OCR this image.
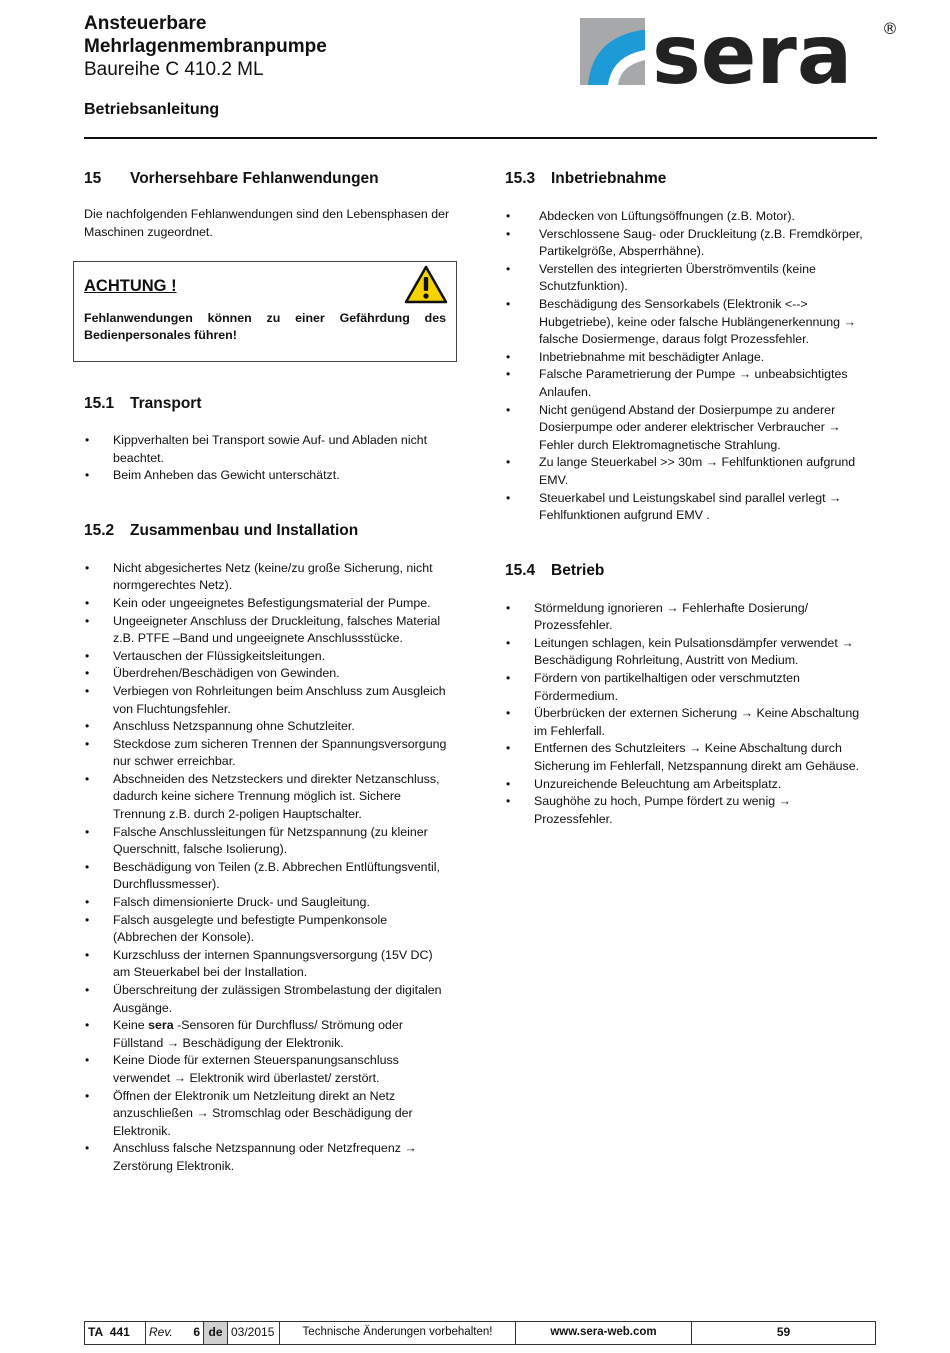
Ansteuerbare
Mehrlagenmembranpumpe
Baureihe C 410.2 ML
Betriebsanleitung
sera ®
15 Vorhersehbare Fehlanwendungen

Die nachfolgenden Fehlanwendungen sind den Lebensphasen der Maschinen zugeordnet.

ACHTUNG !

Fehlanwendungen können zu einer Gefährdung des Bedienpersonales führen!

15.1 Transport
• Kippverhalten bei Transport sowie Auf- und Abladen nicht beachtet.
• Beim Anheben das Gewicht unterschätzt.
15.2 Zusammenbau und Installation
• Nicht abgesichertes Netz (keine/zu große Sicherung, nicht normgerechtes Netz).
• Kein oder ungeeignetes Befestigungsmaterial der Pumpe.
• Ungeeigneter Anschluss der Druckleitung, falsches Material z.B. PTFE –Band und ungeeignete Anschlussstücke.
• Vertauschen der Flüssigkeitsleitungen.
• Überdrehen/Beschädigen von Gewinden.
• Verbiegen von Rohrleitungen beim Anschluss zum Ausgleich von Fluchtungsfehler.
• Anschluss Netzspannung ohne Schutzleiter.
• Steckdose zum sicheren Trennen der Spannungsversorgung nur schwer erreichbar.
• Abschneiden des Netzsteckers und direkter Netzanschluss, dadurch keine sichere Trennung möglich ist. Sichere Trennung z.B. durch 2-poligen Hauptschalter.
• Falsche Anschlussleitungen für Netzspannung (zu kleiner Querschnitt, falsche Isolierung).
• Beschädigung von Teilen (z.B. Abbrechen Entlüftungsventil, Durchflussmesser).
• Falsch dimensionierte Druck- und Saugleitung.
• Falsch ausgelegte und befestigte Pumpenkonsole (Abbrechen der Konsole).
• Kurzschluss der internen Spannungsversorgung (15V DC) am Steuerkabel bei der Installation.
• Überschreitung der zulässigen Strombelastung der digitalen Ausgänge.
• Keine sera -Sensoren für Durchfluss/ Strömung oder Füllstand → Beschädigung der Elektronik.
• Keine Diode für externen Steuerspanungsanschluss verwendet → Elektronik wird überlastet/ zerstört.
• Öffnen der Elektronik um Netzleitung direkt an Netz anzuschließen → Stromschlag oder Beschädigung der Elektronik.
• Anschluss falsche Netzspannung oder Netzfrequenz → Zerstörung Elektronik.
15.3 Inbetriebnahme
• Abdecken von Lüftungsöffnungen (z.B. Motor).
• Verschlossene Saug- oder Druckleitung (z.B. Fremdkörper, Partikelgröße, Absperrhähne).
• Verstellen des integrierten Überströmventils (keine Schutzfunktion).
• Beschädigung des Sensorkabels (Elektronik <--> Hubgetriebe), keine oder falsche Hublängenerkennung → falsche Dosiermenge, daraus folgt Prozessfehler.
• Inbetriebnahme mit beschädigter Anlage.
• Falsche Parametrierung der Pumpe → unbeabsichtigtes Anlaufen.
• Nicht genügend Abstand der Dosierpumpe zu anderer Dosierpumpe oder anderer elektrischer Verbraucher → Fehler durch Elektromagnetische Strahlung.
• Zu lange Steuerkabel >> 30m → Fehlfunktionen aufgrund EMV.
• Steuerkabel und Leistungskabel sind parallel verlegt → Fehlfunktionen aufgrund EMV .
15.4 Betrieb
• Störmeldung ignorieren → Fehlerhafte Dosierung/ Prozessfehler.
• Leitungen schlagen, kein Pulsationsdämpfer verwendet → Beschädigung Rohrleitung, Austritt von Medium.
• Fördern von partikelhaltigen oder verschmutzten Fördermedium.
• Überbrücken der externen Sicherung → Keine Abschaltung im Fehlerfall.
• Entfernen des Schutzleiters → Keine Abschaltung durch Sicherung im Fehlerfall, Netzspannung direkt am Gehäuse.
• Unzureichende Beleuchtung am Arbeitsplatz.
• Saughöhe zu hoch, Pumpe fördert zu wenig → Prozessfehler.
TA 441	Rev. 6 de 03/2015	Technische Änderungen vorbehalten!	www.sera-web.com	59
